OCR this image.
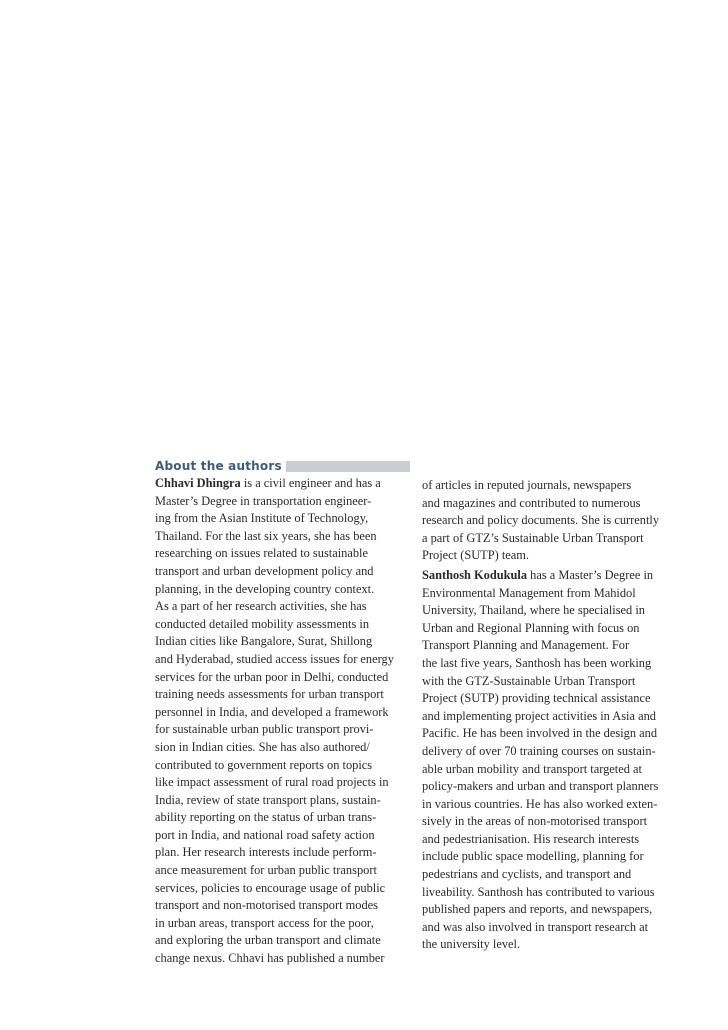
About the authors
Chhavi Dhingra is a civil engineer and has a
Master’s Degree in transportation engineer-
ing from the Asian Institute of Technology,
Thailand. For the last six years, she has been
researching on issues related to sustainable
transport and urban development policy and
planning, in the developing country context.
As a part of her research activities, she has
conducted detailed mobility assessments in
Indian cities like Bangalore, Surat, Shillong
and Hyderabad, studied access issues for energy
services for the urban poor in Delhi, conducted
training needs assessments for urban transport
personnel in India, and developed a framework
for sustainable urban public transport provi-
sion in Indian cities. She has also authored/
contributed to government reports on topics
like impact assessment of rural road projects in
India, review of state transport plans, sustain-
ability reporting on the status of urban trans-
port in India, and national road safety action
plan. Her research interests include perform-
ance measurement for urban public transport
services, policies to encourage usage of public
transport and non-motorised transport modes
in urban areas, transport access for the poor,
and exploring the urban transport and climate
change nexus. Chhavi has published a number
of articles in reputed journals, newspapers
and magazines and contributed to numerous
research and policy documents. She is currently
a part of GTZ’s Sustainable Urban Transport
Project (SUTP) team.
Santhosh Kodukula has a Master’s Degree in
Environmental Management from Mahidol
University, Thailand, where he specialised in
Urban and Regional Planning with focus on
Transport Planning and Management. For
the last five years, Santhosh has been working
with the GTZ-Sustainable Urban Transport
Project (SUTP) providing technical assistance
and implementing project activities in Asia and
Pacific. He has been involved in the design and
delivery of over 70 training courses on sustain-
able urban mobility and transport targeted at
policy-makers and urban and transport planners
in various countries. He has also worked exten-
sively in the areas of non-motorised transport
and pedestrianisation. His research interests
include public space modelling, planning for
pedestrians and cyclists, and transport and
liveability. Santhosh has contributed to various
published papers and reports, and newspapers,
and was also involved in transport research at
the university level.
